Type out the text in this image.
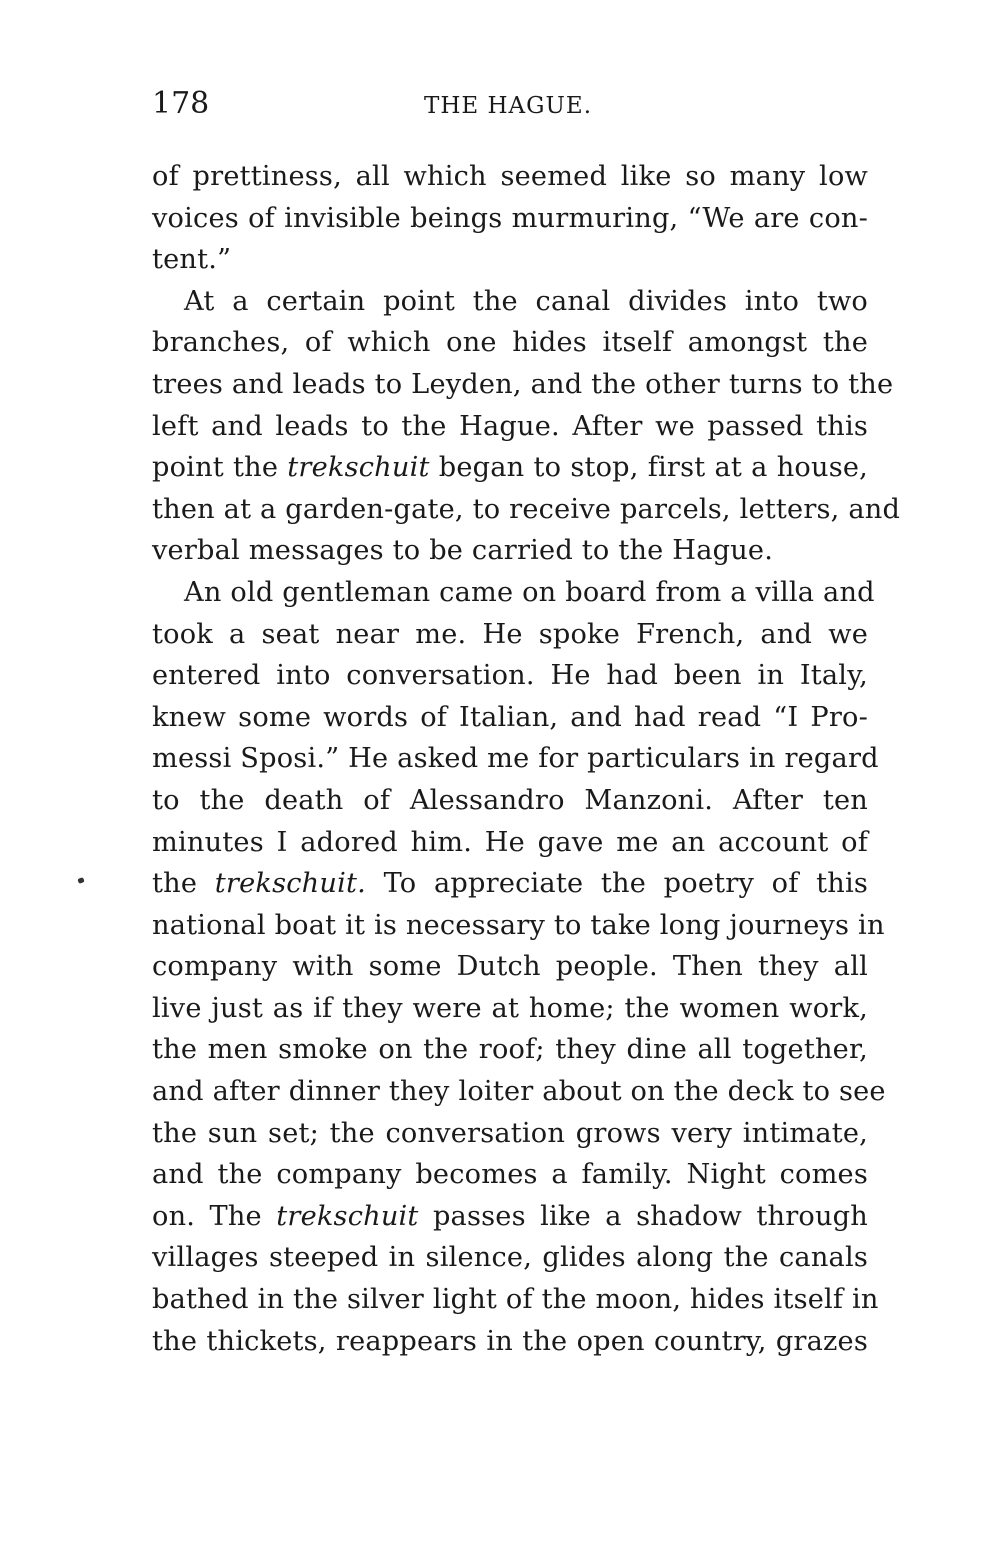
178	THE HAGUE.
of prettiness, all which seemed like so many low
voices of invisible beings murmuring, “We are con-
tent.”
At a certain point the canal divides into two
branches, of which one hides itself amongst the
trees and leads to Leyden, and the other turns to the
left and leads to the Hague. After we passed this
point the trekschuit began to stop, first at a house,
then at a garden-gate, to receive parcels, letters, and
verbal messages to be carried to the Hague.
An old gentleman came on board from a villa and
took a seat near me. He spoke French, and we
entered into conversation. He had been in Italy,
knew some words of Italian, and had read “I Pro-
messi Sposi.” He asked me for particulars in regard
to the death of Alessandro Manzoni. After ten
minutes I adored him. He gave me an account of
the trekschuit. To appreciate the poetry of this
national boat it is necessary to take long journeys in
company with some Dutch people. Then they all
live just as if they were at home; the women work,
the men smoke on the roof; they dine all together,
and after dinner they loiter about on the deck to see
the sun set; the conversation grows very intimate,
and the company becomes a family. Night comes
on. The trekschuit passes like a shadow through
villages steeped in silence, glides along the canals
bathed in the silver light of the moon, hides itself in
the thickets, reappears in the open country, grazes
